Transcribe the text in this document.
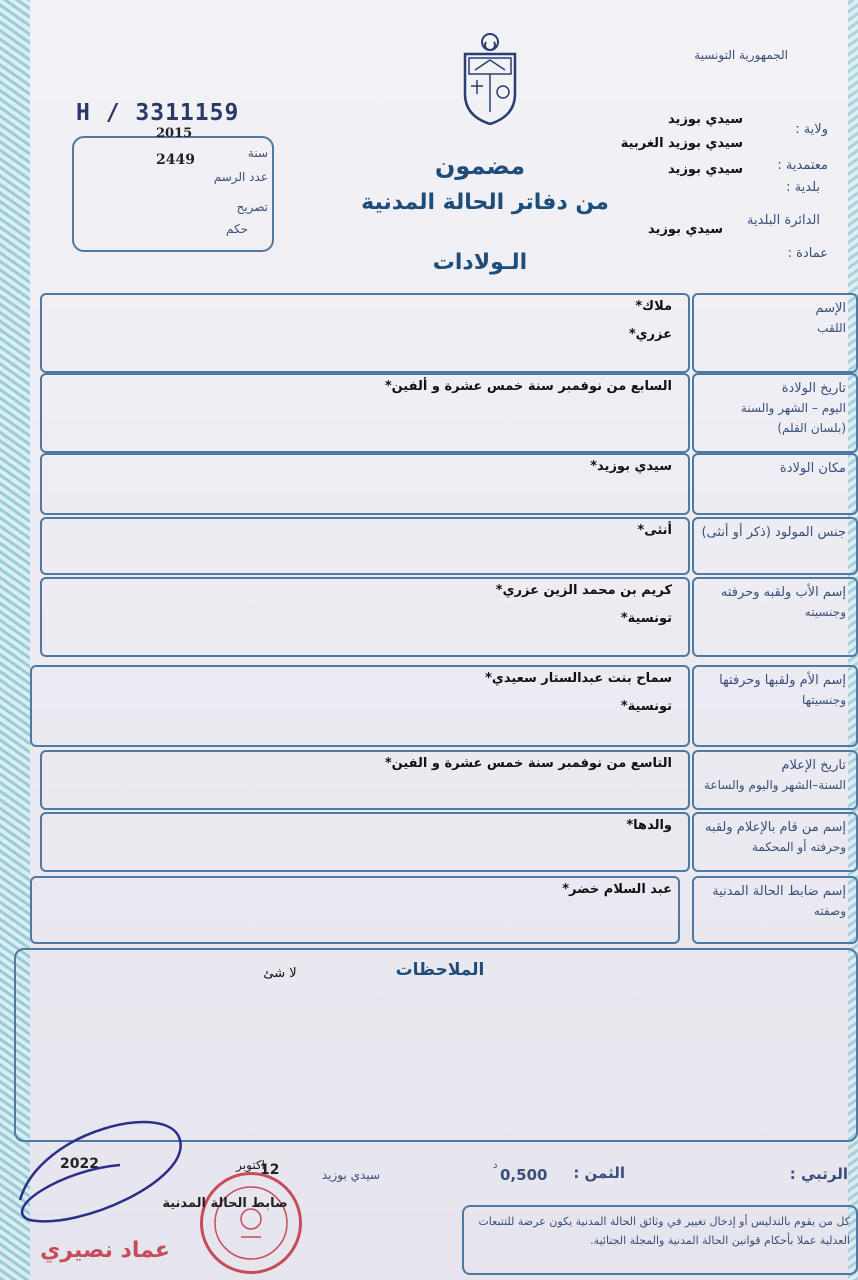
الجمهورية التونسية
ولاية :
سيدي بوزيد
سيدي بوزيد الغربية
معتمدية :
سيدي بوزيد
بلدية :
الدائرة البلدية
سيدي بوزيد
عمادة :
H / 3311159
2015
سنة
2449
عدد الرسم
تصريح
حكم
مضمون
من دفاتر الحالة المدنية
الـولادات
الإسم
اللقب
ملاك*
عزري*
تاريخ الولادة
اليوم – الشهر والسنة
(بلسان القلم)
السابع من نوفمبر سنة خمس عشرة و ألفين*
مكان الولادة
سيدي بوزيد*
جنس المولود (ذكر أو أنثى)
أنثى*
إسم الأب ولقبه وحرفته
وجنسيته
كريم بن محمد الزين عزري*
تونسية*
إسم الأم ولقبها وحرفتها
وجنسيتها
سماح بنت عبدالستار سعيدي*
تونسية*
تاريخ الإعلام
السنة–الشهر واليوم والساعة
التاسع من نوفمبر سنة خمس عشرة و الفين*
إسم من قام بالإعلام ولقبه
وحرفته أو المحكمة
والدها*
إسم ضابط الحالة المدنية
وصفته
عبد السلام خضر*
الملاحظات
لا شئ
الرتبي :
الثمن :
0,500
د
سيدي بوزيد
12
اكتوبر
2022
كل من يقوم بالتدليس أو إدخال تغيير في وثائق الحالة المدنية يكون عرضة للتتبعات العدلية عملا بأحكام قوانين الحالة المدنية والمجلة الجنائية.
ضابط الحالة المدنية
عماد نصيري
